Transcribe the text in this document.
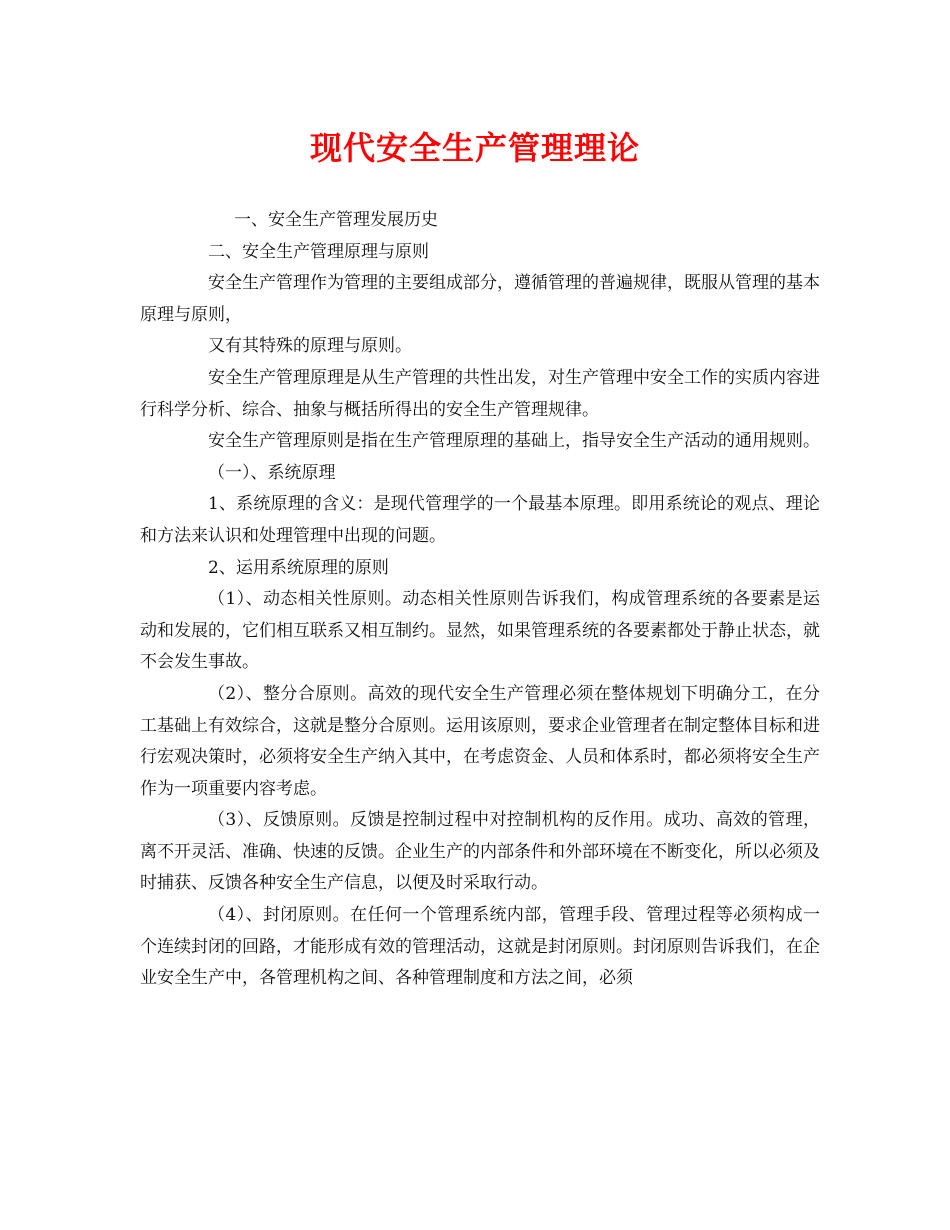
现代安全生产管理理论

一、安全生产管理发展历史

二、安全生产管理原理与原则

安全生产管理作为管理的主要组成部分，遵循管理的普遍规律，既服从管理的基本原理与原则，

又有其特殊的原理与原则。

安全生产管理原理是从生产管理的共性出发，对生产管理中安全工作的实质内容进行科学分析、综合、抽象与概括所得出的安全生产管理规律。

安全生产管理原则是指在生产管理原理的基础上，指导安全生产活动的通用规则。

（一）、系统原理

1、系统原理的含义：是现代管理学的一个最基本原理。即用系统论的观点、理论和方法来认识和处理管理中出现的问题。

2、运用系统原理的原则

（1）、动态相关性原则。动态相关性原则告诉我们，构成管理系统的各要素是运动和发展的，它们相互联系又相互制约。显然，如果管理系统的各要素都处于静止状态，就不会发生事故。

（2）、整分合原则。高效的现代安全生产管理必须在整体规划下明确分工，在分工基础上有效综合，这就是整分合原则。运用该原则，要求企业管理者在制定整体目标和进行宏观决策时，必须将安全生产纳入其中，在考虑资金、人员和体系时，都必须将安全生产作为一项重要内容考虑。

（3）、反馈原则。反馈是控制过程中对控制机构的反作用。成功、高效的管理，离不开灵活、准确、快速的反馈。企业生产的内部条件和外部环境在不断变化，所以必须及时捕获、反馈各种安全生产信息，以便及时采取行动。

（4）、封闭原则。在任何一个管理系统内部，管理手段、管理过程等必须构成一个连续封闭的回路，才能形成有效的管理活动，这就是封闭原则。封闭原则告诉我们，在企业安全生产中，各管理机构之间、各种管理制度和方法之间，必须
